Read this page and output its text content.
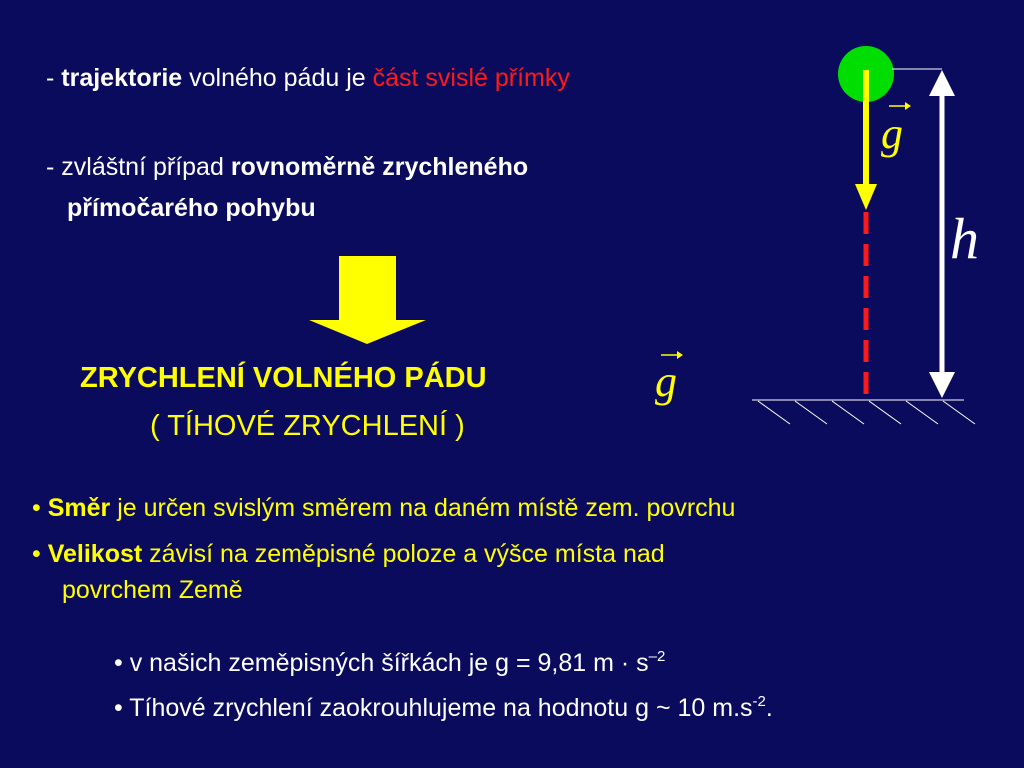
- trajektorie volného pádu je část svislé přímky
- zvláštní případ rovnoměrně zrychleného
přímočarého pohybu
g
h
ZRYCHLENÍ VOLNÉHO PÁDU	g
( TÍHOVÉ ZRYCHLENÍ )
• Směr je určen svislým směrem na daném místě zem. povrchu
• Velikost závisí na zeměpisné poloze a výšce místa nad
povrchem Země
• v našich zeměpisných šířkách je g = 9,81 $m \cdot s^{-2}$
• Tíhové zrychlení zaokrouhlujeme na hodnotu g ~ 10 $m.s^{-2}$.
